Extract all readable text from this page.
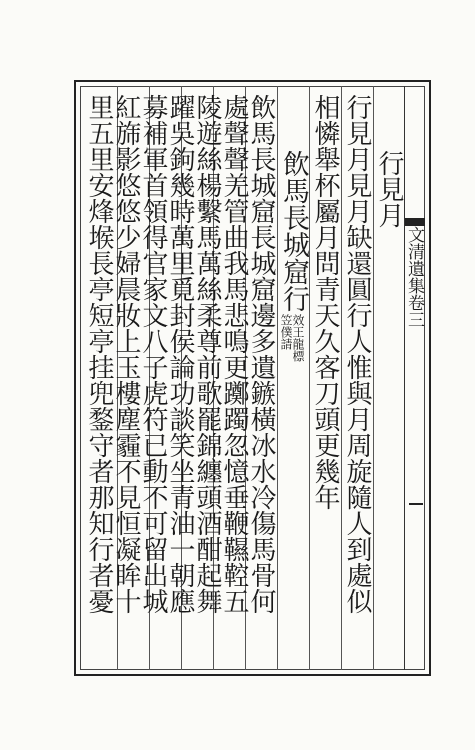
文清遺集卷三
行見月
行見月見月缺還圓行人惟與月周旋隨人到處似
相憐舉杯屬月問青天久客刀頭更幾年
飲馬長城窟行
效王龍標
笠僕請
飲馬長城窟長城窟邊多遺鏃橫冰水冷傷馬骨何
處聲聲羌管曲我馬悲鳴更躑躅忽憶垂鞭韅鞚五
陵遊絲楊繫馬萬絲柔尊前歌罷錦纏頭酒酣起舞
躍吳鉤幾時萬里覓封侯論功談笑坐青油一朝應
募補軍首領得官家文八子虎符已動不可留出城
紅旆影悠悠少婦晨妝上玉樓塵霾不見恒凝眸十
里五里安烽堠長亭短亭挂兜鍪守者那知行者憂
